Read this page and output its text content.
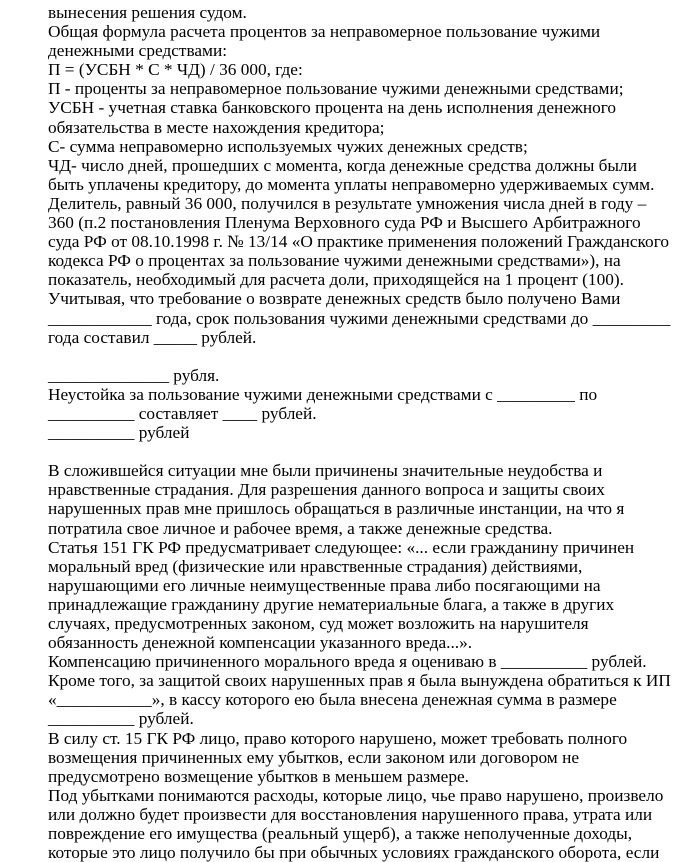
вынесения решения судом.
Общая формула расчета процентов за неправомерное пользование чужими
денежными средствами:
П = (УСБН * С * ЧД) / 36 000, где:
П - проценты за неправомерное пользование чужими денежными средствами;
УСБН - учетная ставка банковского процента на день исполнения денежного
обязательства в месте нахождения кредитора;
С- сумма неправомерно используемых чужих денежных средств;
ЧД- число дней, прошедших с момента, когда денежные средства должны были
быть уплачены кредитору, до момента уплаты неправомерно удерживаемых сумм.
Делитель, равный 36 000, получился в результате умножения числа дней в году –
360 (п.2 постановления Пленума Верховного суда РФ и Высшего Арбитражного
суда РФ от 08.10.1998 г. № 13/14 «О практике применения положений Гражданского
кодекса РФ о процентах за пользование чужими денежными средствами»), на
показатель, необходимый для расчета доли, приходящейся на 1 процент (100).
Учитывая, что требование о возврате денежных средств было получено Вами
____________ года, срок пользования чужими денежными средствами до _________
года составил _____ рублей.
______________ рубля.
Неустойка за пользование чужими денежными средствами с _________ по
__________ составляет ____ рублей.
__________ рублей
В сложившейся ситуации мне были причинены значительные неудобства и
нравственные страдания. Для разрешения данного вопроса и защиты своих
нарушенных прав мне пришлось обращаться в различные инстанции, на что я
потратила свое личное и рабочее время, а также денежные средства.
Статья 151 ГК РФ предусматривает следующее: «... если гражданину причинен
моральный вред (физические или нравственные страдания) действиями,
нарушающими его личные неимущественные права либо посягающими на
принадлежащие гражданину другие нематериальные блага, а также в других
случаях, предусмотренных законом, суд может возложить на нарушителя
обязанность денежной компенсации указанного вреда...».
Компенсацию причиненного морального вреда я оцениваю в __________ рублей.
Кроме того, за защитой своих нарушенных прав я была вынуждена обратиться к ИП
«___________», в кассу которого ею была внесена денежная сумма в размере
__________ рублей.
В силу ст. 15 ГК РФ лицо, право которого нарушено, может требовать полного
возмещения причиненных ему убытков, если законом или договором не
предусмотрено возмещение убытков в меньшем размере.
Под убытками понимаются расходы, которые лицо, чье право нарушено, произвело
или должно будет произвести для восстановления нарушенного права, утрата или
повреждение его имущества (реальный ущерб), а также неполученные доходы,
которые это лицо получило бы при обычных условиях гражданского оборота, если
